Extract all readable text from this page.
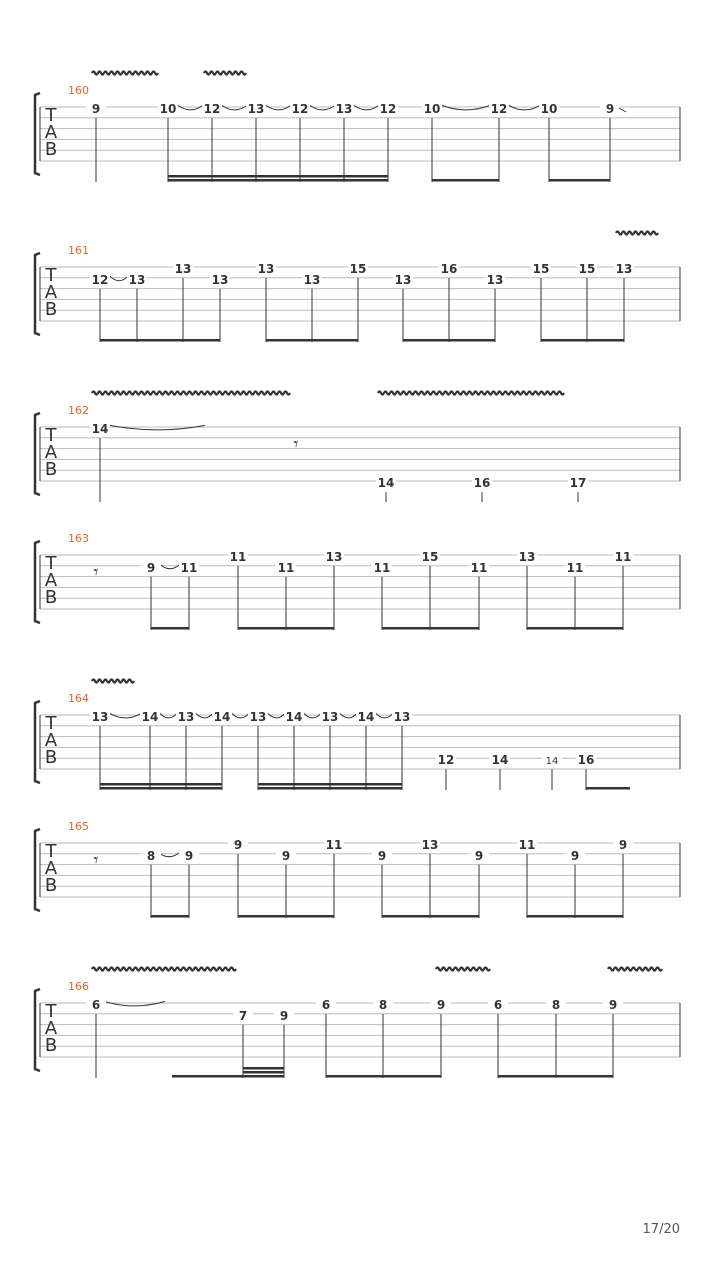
160
T
A
B
9	10 12 13 12 13 12 10	12	10	9
161
T
A
B
12 13
13
13
13
13
15
13
16
13
15 15 13
162
T
A
B
14
14	16	17
𝄾
163
T
A
B
9 11
11
11
13
11
15
11
13
11
11
𝄾
164
T
A
B
13	14 13 14 13 14 13 14 13
12	14	14 16
165
T
A
B
8 9
9
9
11
9
13
9
11
9
9
𝄾
166
T
A
B
6
7	9
6	8	9	6	8	9
17/20
